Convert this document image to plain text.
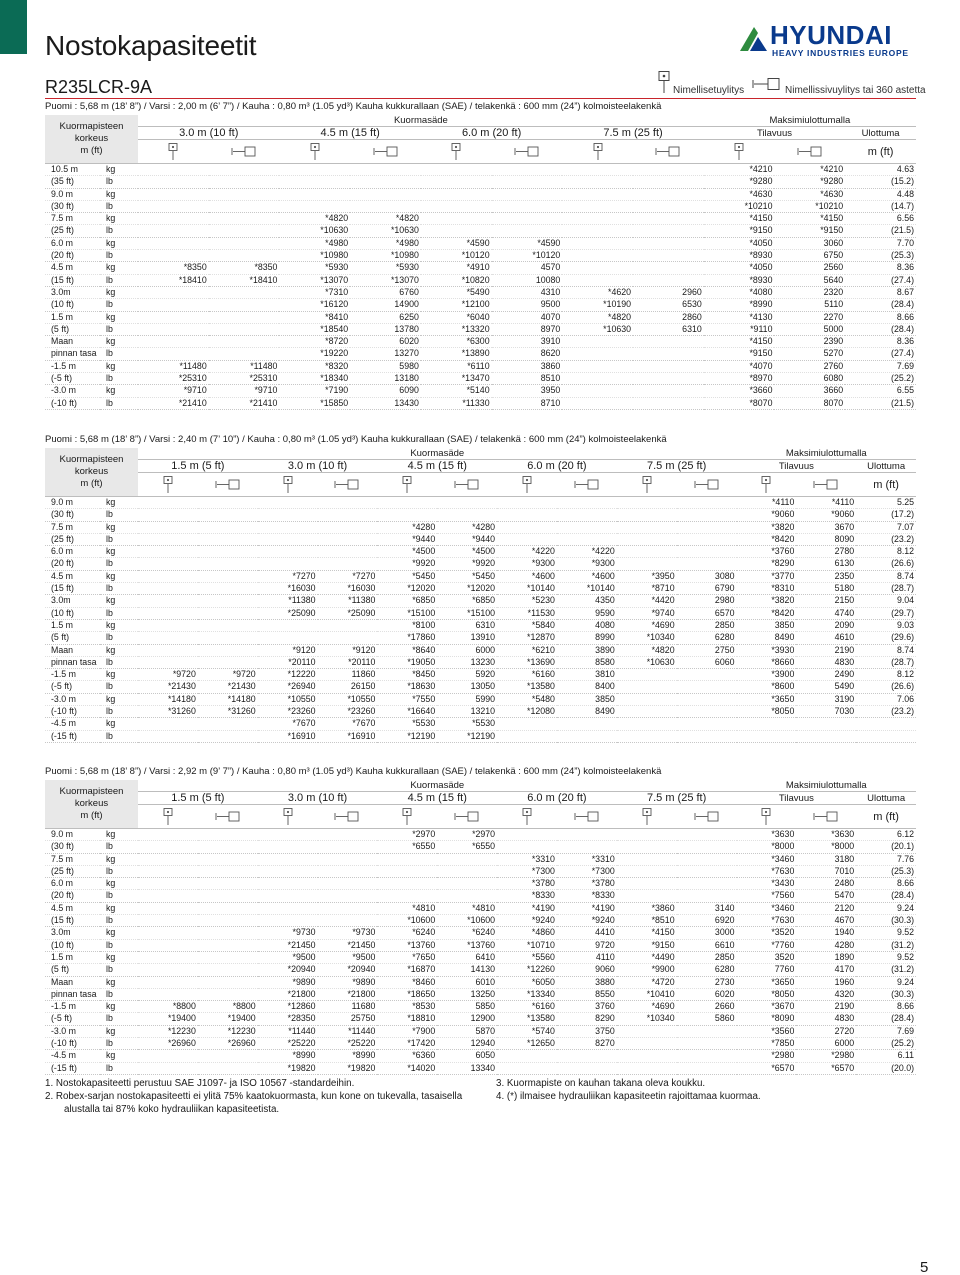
Nostokapasiteetit	HYUNDAI
HEAVY INDUSTRIES EUROPE
R235LCR-9A	Nimellisetuylitys	Nimellissivuylitys tai 360 astetta
Puomi : 5,68 m (18’ 8”) / Varsi : 2,00 m (6’ 7”) / Kauha : 0,80 m³ (1.05 yd³) Kauha kukkurallaan (SAE) / telakenkä : 600 mm (24”) kolmoisteelakenkä
Kuormapisteen
korkeus
m (ft)		Kuormasäde								Maksimiulottumalla		
		3.0 m (10 ft)		4.5 m (15 ft)		6.0 m (20 ft)		7.5 m (25 ft)		Tilavuus		Ulottuma

	m (ft)
10.5 m	kg									*4210	*4210	4.63
(35 ft)	lb									*9280	*9280	(15.2)
9.0 m	kg									*4630	*4630	4.48
(30 ft)	lb									*10210	*10210	(14.7)
7.5 m	kg			*4820	*4820					*4150	*4150	6.56
(25 ft)	lb			*10630	*10630					*9150	*9150	(21.5)
6.0 m	kg			*4980	*4980	*4590	*4590			*4050	3060	7.70
(20 ft)	lb			*10980	*10980	*10120	*10120			*8930	6750	(25.3)
4.5 m	kg	*8350	*8350	*5930	*5930	*4910	4570			*4050	2560	8.36
(15 ft)	lb	*18410	*18410	*13070	*13070	*10820	10080			*8930	5640	(27.4)
3.0m	kg			*7310	6760	*5490	4310	*4620	2960	*4080	2320	8.67
(10 ft)	lb			*16120	14900	*12100	9500	*10190	6530	*8990	5110	(28.4)
1.5 m	kg			*8410	6250	*6040	4070	*4820	2860	*4130	2270	8.66
(5 ft)	lb			*18540	13780	*13320	8970	*10630	6310	*9110	5000	(28.4)
Maan	kg			*8720	6020	*6300	3910			*4150	2390	8.36
pinnan tasa	lb			*19220	13270	*13890	8620			*9150	5270	(27.4)
-1.5 m	kg	*11480	*11480	*8320	5980	*6110	3860			*4070	2760	7.69
(-5 ft)	lb	*25310	*25310	*18340	13180	*13470	8510			*8970	6080	(25.2)
-3.0 m	kg	*9710	*9710	*7190	6090	*5140	3950			*3660	3660	6.55
(-10 ft)	lb	*21410	*21410	*15850	13430	*11330	8710			*8070	8070	(21.5)
Puomi : 5,68 m (18’ 8”) / Varsi : 2,40 m (7’ 10”) / Kauha : 0,80 m³ (1.05 yd³) Kauha kukkurallaan (SAE) / telakenkä : 600 mm (24”) kolmoisteelakenkä
Kuormapisteen
korkeus
m (ft)		Kuormasäde										Maksimiulottumalla		
		1.5 m (5 ft)		3.0 m (10 ft)		4.5 m (15 ft)		6.0 m (20 ft)		7.5 m (25 ft)		Tilavuus		Ulottuma

	m (ft)
9.0 m	kg											*4110	*4110	5.25
(30 ft)	lb											*9060	*9060	(17.2)
7.5 m	kg					*4280	*4280					*3820	3670	7.07
(25 ft)	lb					*9440	*9440					*8420	8090	(23.2)
6.0 m	kg					*4500	*4500	*4220	*4220			*3760	2780	8.12
(20 ft)	lb					*9920	*9920	*9300	*9300			*8290	6130	(26.6)
4.5 m	kg			*7270	*7270	*5450	*5450	*4600	*4600	*3950	3080	*3770	2350	8.74
(15 ft)	lb			*16030	*16030	*12020	*12020	*10140	*10140	*8710	6790	*8310	5180	(28.7)
3.0m	kg			*11380	*11380	*6850	*6850	*5230	4350	*4420	2980	*3820	2150	9.04
(10 ft)	lb			*25090	*25090	*15100	*15100	*11530	9590	*9740	6570	*8420	4740	(29.7)
1.5 m	kg					*8100	6310	*5840	4080	*4690	2850	3850	2090	9.03
(5 ft)	lb					*17860	13910	*12870	8990	*10340	6280	8490	4610	(29.6)
Maan	kg			*9120	*9120	*8640	6000	*6210	3890	*4820	2750	*3930	2190	8.74
pinnan tasa	lb			*20110	*20110	*19050	13230	*13690	8580	*10630	6060	*8660	4830	(28.7)
-1.5 m	kg	*9720	*9720	*12220	11860	*8450	5920	*6160	3810			*3900	2490	8.12
(-5 ft)	lb	*21430	*21430	*26940	26150	*18630	13050	*13580	8400			*8600	5490	(26.6)
-3.0 m	kg	*14180	*14180	*10550	*10550	*7550	5990	*5480	3850			*3650	3190	7.06
(-10 ft)	lb	*31260	*31260	*23260	*23260	*16640	13210	*12080	8490			*8050	7030	(23.2)
-4.5 m	kg			*7670	*7670	*5530	*5530							
(-15 ft)	lb			*16910	*16910	*12190	*12190							
Puomi : 5,68 m (18’ 8”) / Varsi : 2,92 m (9’ 7”) / Kauha : 0,80 m³ (1.05 yd³) Kauha kukkurallaan (SAE) / telakenkä : 600 mm (24”) kolmoisteelakenkä
Kuormapisteen
korkeus
m (ft)		Kuormasäde										Maksimiulottumalla		
		1.5 m (5 ft)		3.0 m (10 ft)		4.5 m (15 ft)		6.0 m (20 ft)		7.5 m (25 ft)		Tilavuus		Ulottuma

	m (ft)
9.0 m	kg					*2970	*2970					*3630	*3630	6.12
(30 ft)	lb					*6550	*6550					*8000	*8000	(20.1)
7.5 m	kg							*3310	*3310			*3460	3180	7.76
(25 ft)	lb							*7300	*7300			*7630	7010	(25.3)
6.0 m	kg							*3780	*3780			*3430	2480	8.66
(20 ft)	lb							*8330	*8330			*7560	5470	(28.4)
4.5 m	kg					*4810	*4810	*4190	*4190	*3860	3140	*3460	2120	9.24
(15 ft)	lb					*10600	*10600	*9240	*9240	*8510	6920	*7630	4670	(30.3)
3.0m	kg			*9730	*9730	*6240	*6240	*4860	4410	*4150	3000	*3520	1940	9.52
(10 ft)	lb			*21450	*21450	*13760	*13760	*10710	9720	*9150	6610	*7760	4280	(31.2)
1.5 m	kg			*9500	*9500	*7650	6410	*5560	4110	*4490	2850	3520	1890	9.52
(5 ft)	lb			*20940	*20940	*16870	14130	*12260	9060	*9900	6280	7760	4170	(31.2)
Maan	kg			*9890	*9890	*8460	6010	*6050	3880	*4720	2730	*3650	1960	9.24
pinnan tasa	lb			*21800	*21800	*18650	13250	*13340	8550	*10410	6020	*8050	4320	(30.3)
-1.5 m	kg	*8800	*8800	*12860	11680	*8530	5850	*6160	3760	*4690	2660	*3670	2190	8.66
(-5 ft)	lb	*19400	*19400	*28350	25750	*18810	12900	*13580	8290	*10340	5860	*8090	4830	(28.4)
-3.0 m	kg	*12230	*12230	*11440	*11440	*7900	5870	*5740	3750			*3560	2720	7.69
(-10 ft)	lb	*26960	*26960	*25220	*25220	*17420	12940	*12650	8270			*7850	6000	(25.2)
-4.5 m	kg			*8990	*8990	*6360	6050					*2980	*2980	6.11
(-15 ft)	lb			*19820	*19820	*14020	13340					*6570	*6570	(20.0)
1. Nostokapasiteetti perustuu SAE J1097- ja ISO 10567 -standardeihin.
2. Robex-sarjan nostokapasiteetti ei ylitä 75% kaatokuormasta, kun kone on tukevalla, tasaisella
alustalla tai 87% koko hydrauliikan kapasiteetista.
3. Kuormapiste on kauhan takana oleva koukku.
4. (*) ilmaisee hydrauliikan kapasiteetin rajoittamaa kuormaa.
5
